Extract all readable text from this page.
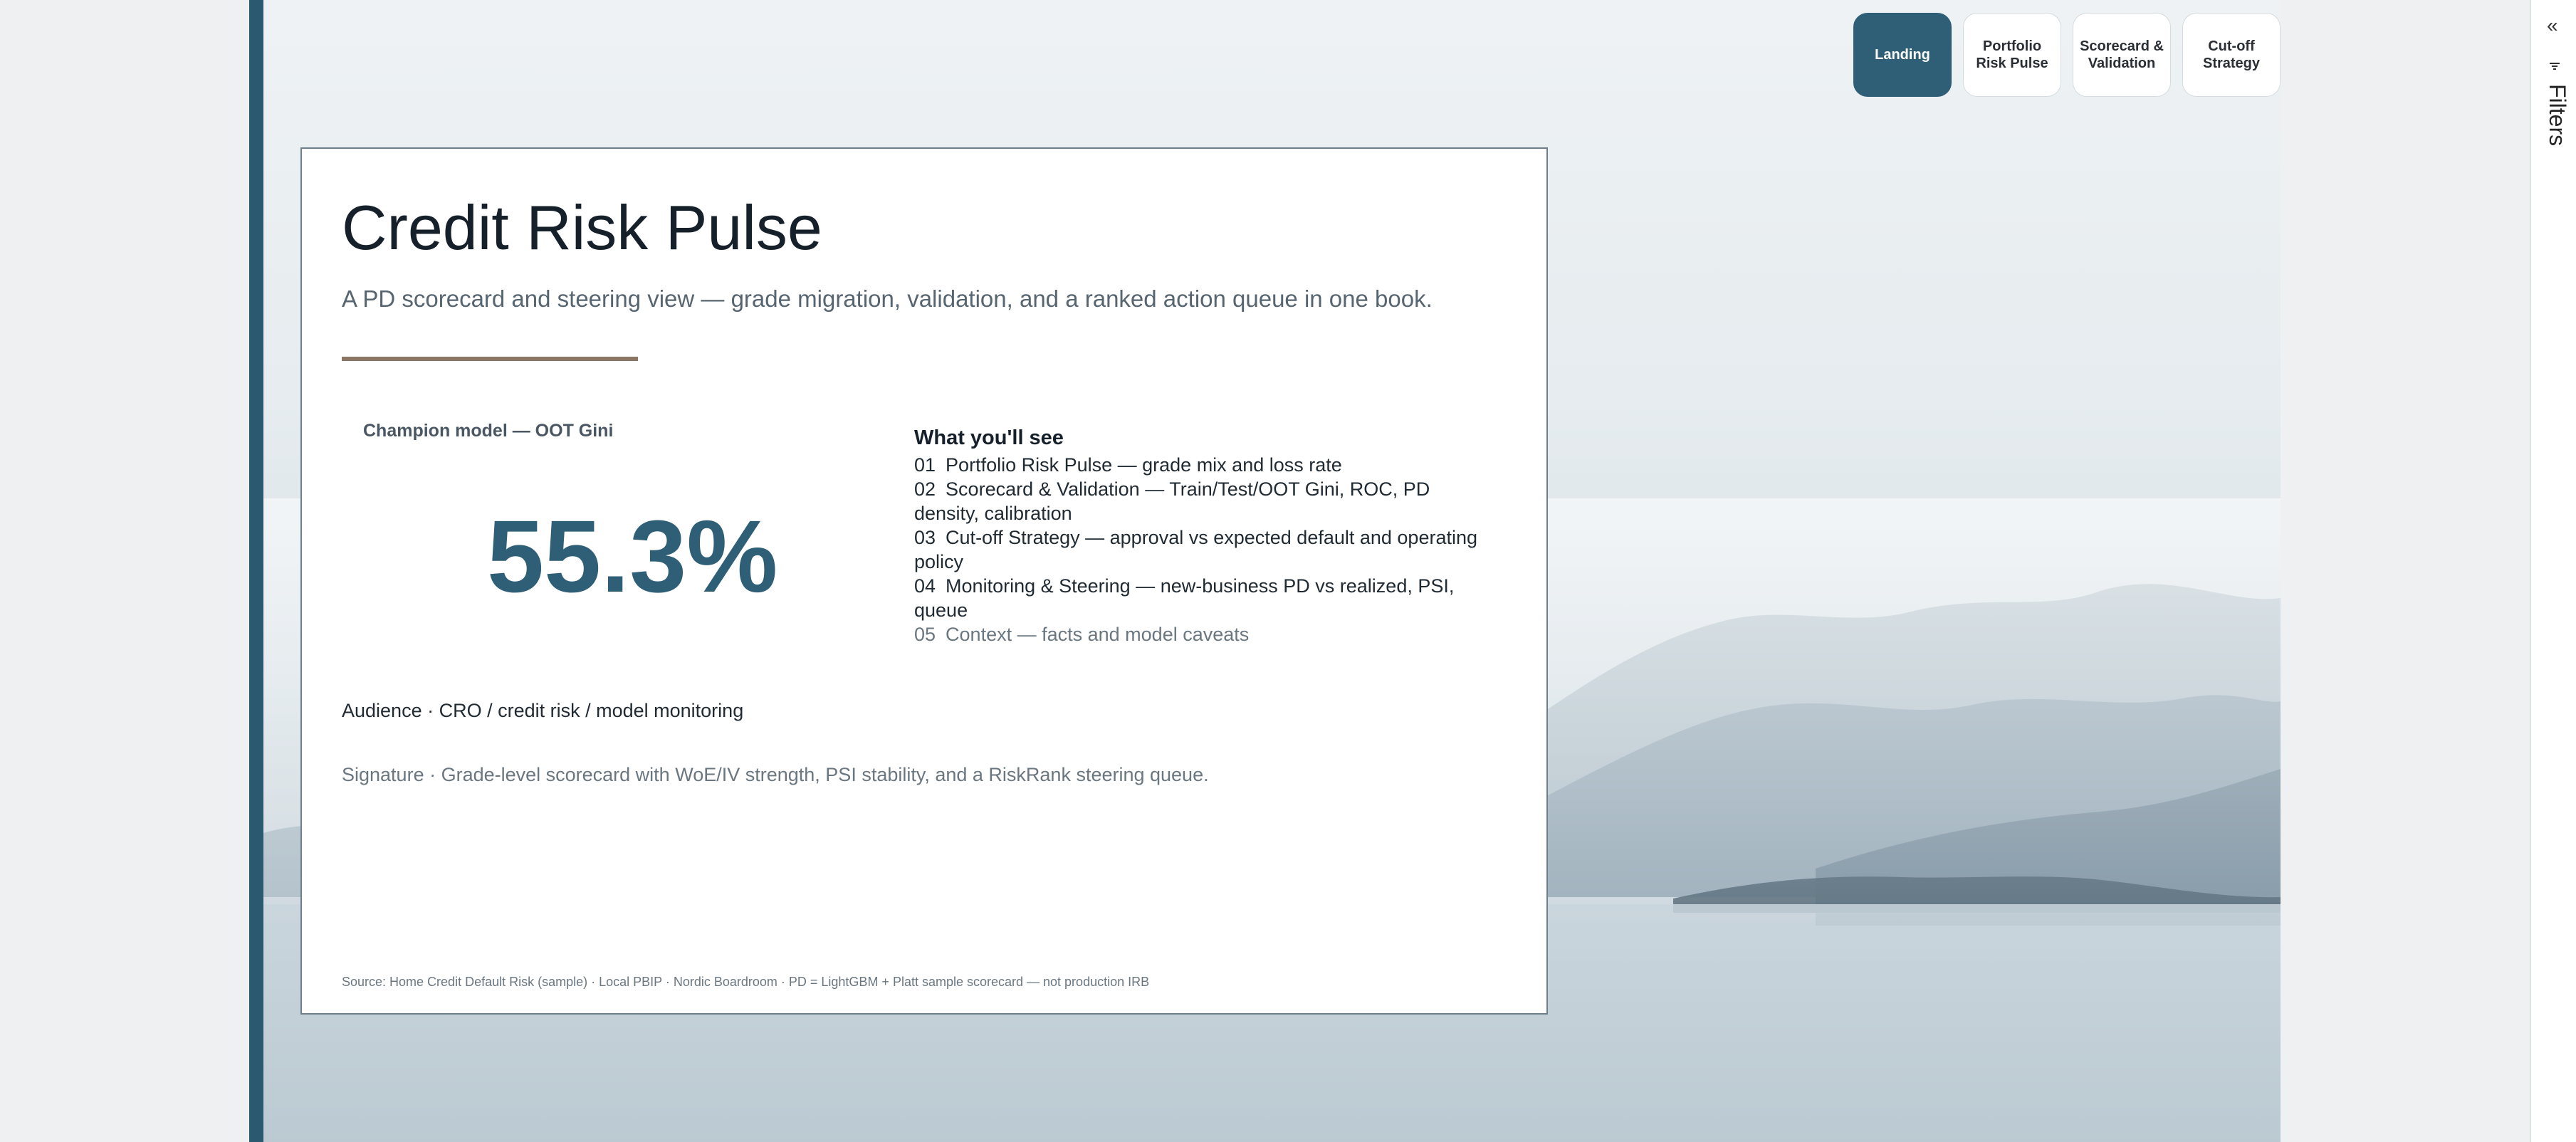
Landing
Portfolio Risk Pulse
Scorecard & Validation
Cut-off Strategy
Credit Risk Pulse
A PD scorecard and steering view — grade migration, validation, and a ranked action queue in one book.
Champion model — OOT Gini
55.3%
What you'll see
01 Portfolio Risk Pulse — grade mix and loss rate
02 Scorecard & Validation — Train/Test/OOT Gini, ROC, PD density, calibration
03 Cut-off Strategy — approval vs expected default and operating policy
04 Monitoring & Steering — new-business PD vs realized, PSI, queue
05 Context — facts and model caveats
Audience · CRO / credit risk / model monitoring
Signature · Grade-level scorecard with WoE/IV strength, PSI stability, and a RiskRank steering queue.
Source: Home Credit Default Risk (sample) · Local PBIP · Nordic Boardroom · PD = LightGBM + Platt sample scorecard — not production IRB
«
Filters
